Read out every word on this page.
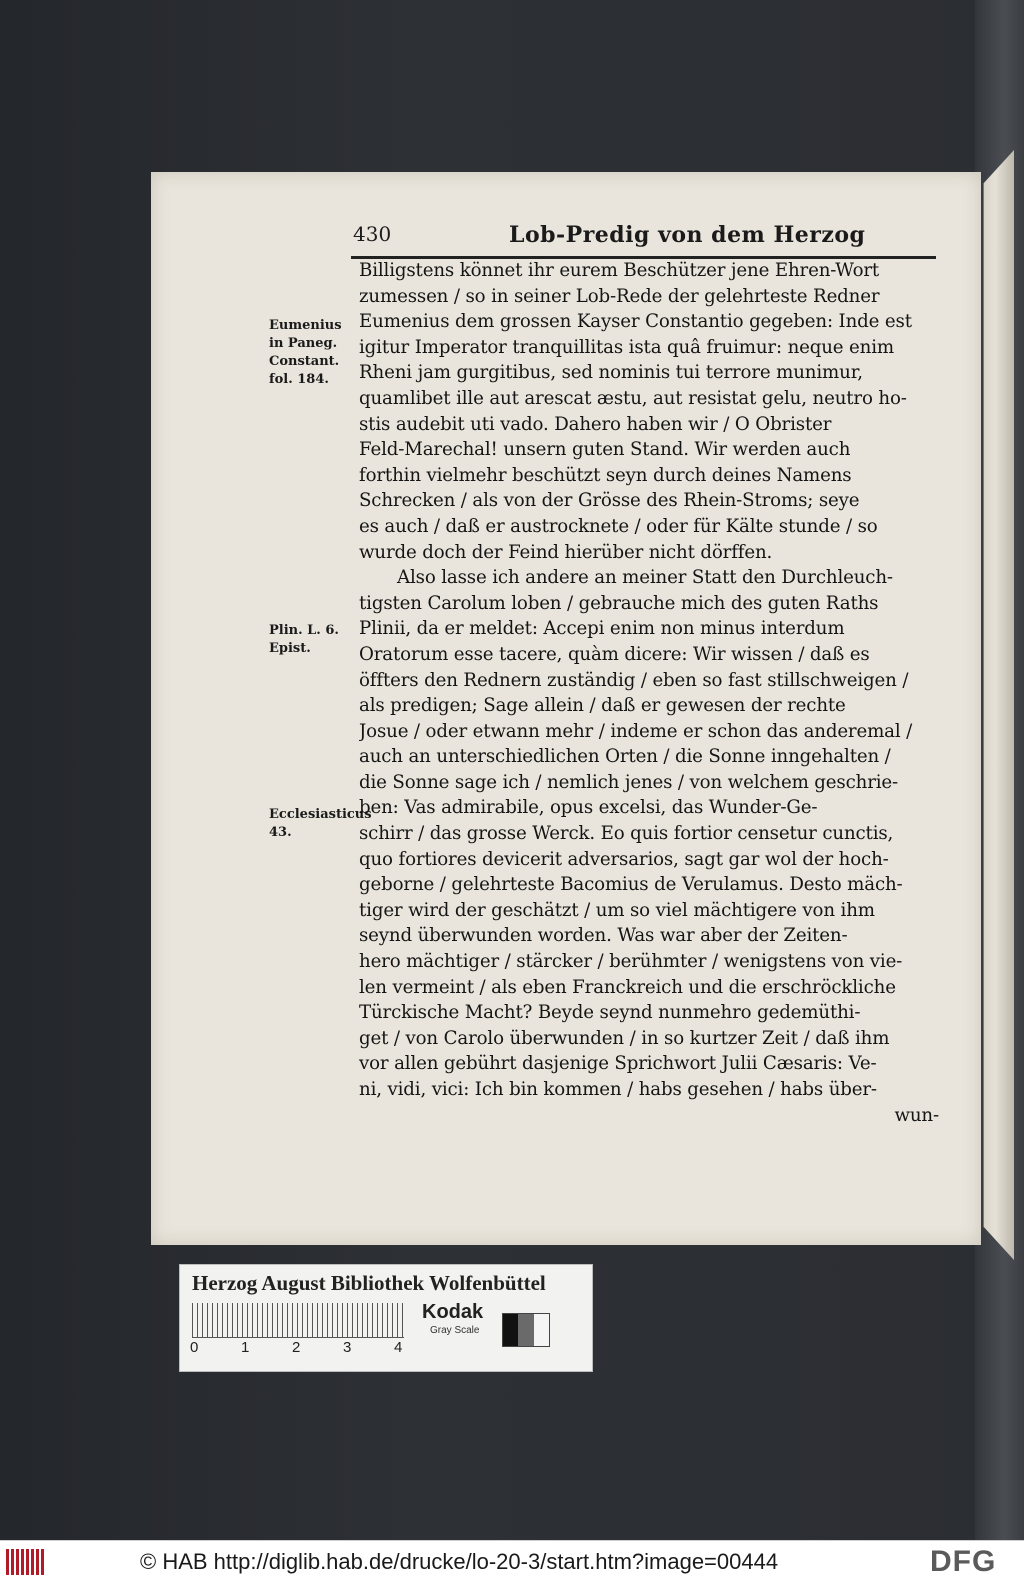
430	Lob-Predig von dem Herzog
Eumenius
in Paneg.
Constant.
fol. 184.
Plin. L. 6.
Epist.
Ecclesiasticus 43.
Billigstens könnet ihr eurem Beschützer jene Ehren-Wort
zumessen / so in seiner Lob-Rede der gelehrteste Redner
Eumenius dem grossen Kayser Constantio gegeben: Inde est
igitur Imperator tranquillitas ista quâ fruimur: neque enim
Rheni jam gurgitibus, sed nominis tui terrore munimur,
quamlibet ille aut arescat æstu, aut resistat gelu, neutro ho-
stis audebit uti vado. Dahero haben wir / O Obrister
Feld-Marechal! unsern guten Stand. Wir werden auch
forthin vielmehr beschützt seyn durch deines Namens
Schrecken / als von der Grösse des Rhein-Stroms; seye
es auch / daß er austrocknete / oder für Kälte stunde / so
wurde doch der Feind hierüber nicht dörffen.
Also lasse ich andere an meiner Statt den Durchleuch-
tigsten Carolum loben / gebrauche mich des guten Raths
Plinii, da er meldet: Accepi enim non minus interdum
Oratorum esse tacere, quàm dicere: Wir wissen / daß es
öffters den Rednern zuständig / eben so fast stillschweigen /
als predigen; Sage allein / daß er gewesen der rechte
Josue / oder etwann mehr / indeme er schon das anderemal /
auch an unterschiedlichen Orten / die Sonne inngehalten /
die Sonne sage ich / nemlich jenes / von welchem geschrie-
ben: Vas admirabile, opus excelsi, das Wunder-Ge-
schirr / das grosse Werck. Eo quis fortior censetur cunctis,
quo fortiores devicerit adversarios, sagt gar wol der hoch-
geborne / gelehrteste Bacomius de Verulamus. Desto mäch-
tiger wird der geschätzt / um so viel mächtigere von ihm
seynd überwunden worden. Was war aber der Zeiten-
hero mächtiger / stärcker / berühmter / wenigstens von vie-
len vermeint / als eben Franckreich und die erschröckliche
Türckische Macht? Beyde seynd nunmehro gedemüthi-
get / von Carolo überwunden / in so kurtzer Zeit / daß ihm
vor allen gebührt dasjenige Sprichwort Julii Cæsaris: Ve-
ni, vidi, vici: Ich bin kommen / habs gesehen / habs über-
wun-
Herzog August Bibliothek Wolfenbüttel
0	1	2	3	4
Kodak
Gray Scale
© HAB http://diglib.hab.de/drucke/lo-20-3/start.htm?image=00444	DFG
